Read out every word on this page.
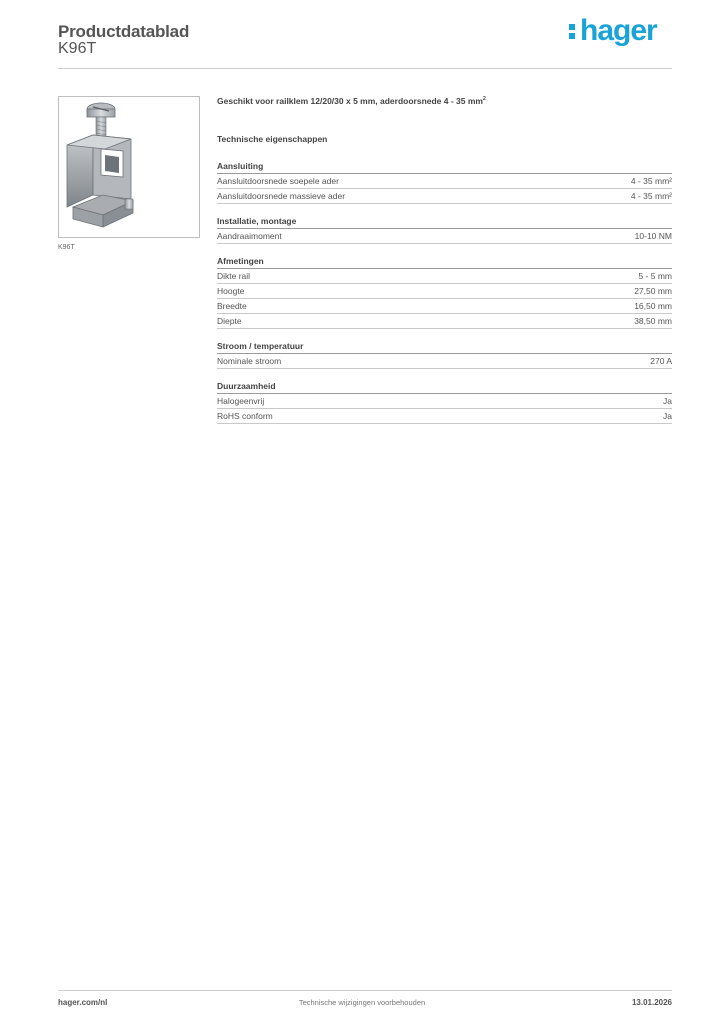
Productdatablad
K96T
hager
K96T
Geschikt voor railklem 12/20/30 x 5 mm, aderdoorsnede 4 - 35 $mm^2$
Technische eigenschappen
Aansluiting
Aansluitdoorsnede soepele ader	4 - 35 mm²
Aansluitdoorsnede massieve ader	4 - 35 mm²
Installatie, montage
Aandraaimoment	10-10 NM
Afmetingen
Dikte rail	5 - 5 mm
Hoogte	27,50 mm
Breedte	16,50 mm
Diepte	38,50 mm
Stroom / temperatuur
Nominale stroom	270 A
Duurzaamheid
Halogeenvrij	Ja
RoHS conform	Ja
hager.com/nl	Technische wijzigingen voorbehouden	13.01.2026
